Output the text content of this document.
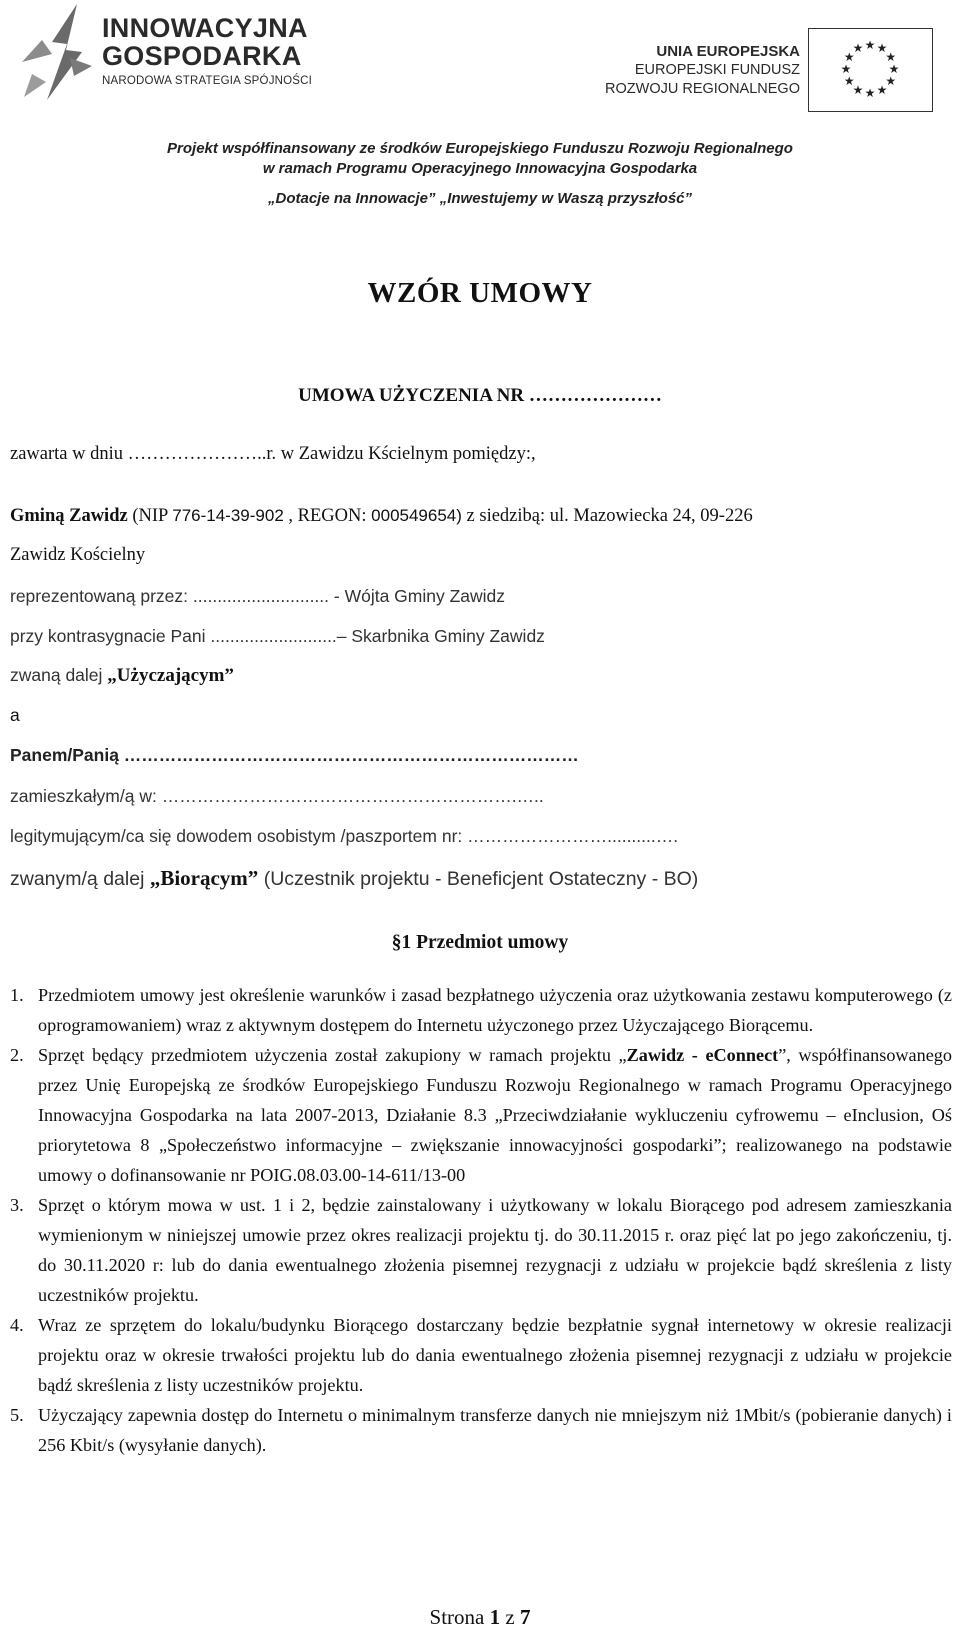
INNOWACYJNA
GOSPODARKA
NARODOWA STRATEGIA SPÓJNOŚCI
UNIA EUROPEJSKA
EUROPEJSKI FUNDUSZ
ROZWOJU REGIONALNEGO
★ ★
★
★
★
★
★
★
★
★
★
★
Projekt współfinansowany ze środków Europejskiego Funduszu Rozwoju Regionalnego
w ramach Programu Operacyjnego Innowacyjna Gospodarka
„Dotacje na Innowacje” „Inwestujemy w Waszą przyszłość”
WZÓR UMOWY
UMOWA UŻYCZENIA NR …………………
zawarta w dniu …………………..r. w Zawidzu Kścielnym pomiędzy:,
Gminą Zawidz (NIP 776-14-39-902 , REGON: 000549654) z siedzibą: ul. Mazowiecka 24, 09-226
Zawidz Kościelny
reprezentowaną przez: ............................ - Wójta Gminy Zawidz
przy kontrasygnacie Pani ..........................– Skarbnika Gminy Zawidz
zwaną dalej „Użyczającym”
a
Panem/Panią ……………………………………………………………………
zamieszkałym/ą w: …………………………………………………….…..
legitymującym/ca się dowodem osobistym /paszportem nr: ……………………..........….
zwanym/ą dalej „Biorącym” (Uczestnik projektu - Beneficjent Ostateczny - BO)
§1 Przedmiot umowy
1. Przedmiotem umowy jest określenie warunków i zasad bezpłatnego użyczenia oraz użytkowania zestawu komputerowego (z oprogramowaniem) wraz z aktywnym dostępem do Internetu użyczonego przez Użyczającego Biorącemu.
2. Sprzęt będący przedmiotem użyczenia został zakupiony w ramach projektu „Zawidz - eConnect”, współfinansowanego przez Unię Europejską ze środków Europejskiego Funduszu Rozwoju Regionalnego w ramach Programu Operacyjnego Innowacyjna Gospodarka na lata 2007-2013, Działanie 8.3 „Przeciwdziałanie wykluczeniu cyfrowemu – eInclusion, Oś priorytetowa 8 „Społeczeństwo informacyjne – zwiększanie innowacyjności gospodarki”; realizowanego na podstawie umowy o dofinansowanie nr POIG.08.03.00-14-611/13-00
3. Sprzęt o którym mowa w ust. 1 i 2, będzie zainstalowany i użytkowany w lokalu Biorącego pod adresem zamieszkania wymienionym w niniejszej umowie przez okres realizacji projektu tj. do 30.11.2015 r. oraz pięć lat po jego zakończeniu, tj. do 30.11.2020 r: lub do dania ewentualnego złożenia pisemnej rezygnacji z udziału w projekcie bądź skreślenia z listy uczestników projektu.
4. Wraz ze sprzętem do lokalu/budynku Biorącego dostarczany będzie bezpłatnie sygnał internetowy w okresie realizacji projektu oraz w okresie trwałości projektu lub do dania ewentualnego złożenia pisemnej rezygnacji z udziału w projekcie bądź skreślenia z listy uczestników projektu.
5. Użyczający zapewnia dostęp do Internetu o minimalnym transferze danych nie mniejszym niż 1Mbit/s (pobieranie danych) i 256 Kbit/s (wysyłanie danych).
Strona 1 z 7
